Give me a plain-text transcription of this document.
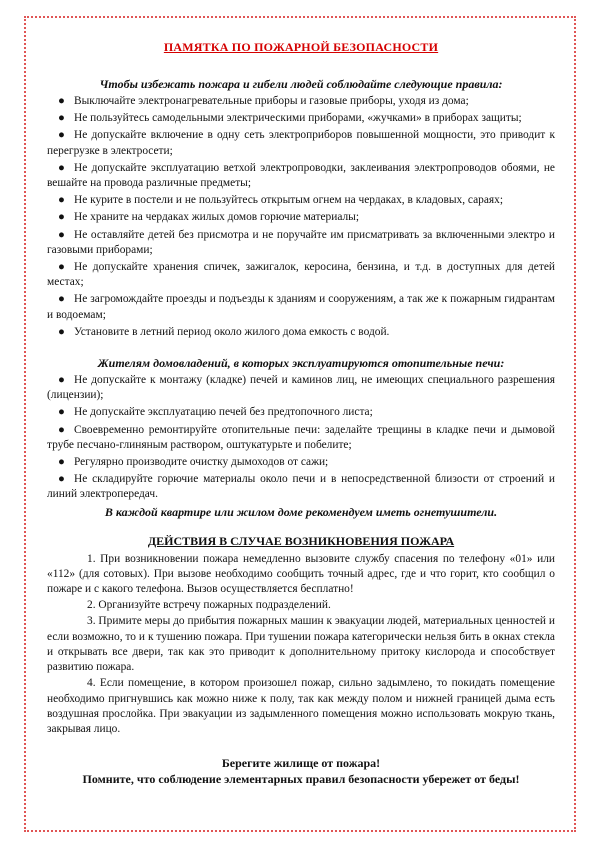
ПАМЯТКА ПО ПОЖАРНОЙ БЕЗОПАСНОСТИ
Чтобы избежать пожара и гибели людей соблюдайте следующие правила:
● Выключайте электронагревательные приборы и газовые приборы, уходя из дома;
● Не пользуйтесь самодельными электрическими приборами, «жучками» в приборах защиты;
● Не допускайте включение в одну сеть электроприборов повышенной мощности, это приводит к перегрузке в электросети;
● Не допускайте эксплуатацию ветхой электропроводки, заклеивания электропроводов обоями, не вешайте на провода различные предметы;
● Не курите в постели и не пользуйтесь открытым огнем на чердаках, в кладовых, сараях;
● Не храните на чердаках жилых домов горючие материалы;
● Не оставляйте детей без присмотра и не поручайте им присматривать за включенными электро и газовыми приборами;
● Не допускайте хранения спичек, зажигалок, керосина, бензина, и т.д. в доступных для детей местах;
● Не загромождайте проезды и подъезды к зданиям и сооружениям, а так же к пожарным гидрантам и водоемам;
● Установите в летний период около жилого дома емкость с водой.
Жителям домовладений, в которых эксплуатируются отопительные печи:
● Не допускайте к монтажу (кладке) печей и каминов лиц, не имеющих специального разрешения (лицензии);
● Не допускайте эксплуатацию печей без предтопочного листа;
● Своевременно ремонтируйте отопительные печи: заделайте трещины в кладке печи и дымовой трубе песчано-глиняным раствором, оштукатурьте и побелите;
● Регулярно производите очистку дымоходов от сажи;
● Не складируйте горючие материалы около печи и в непосредственной близости от строений и линий электропередач.
В каждой квартире или жилом доме рекомендуем иметь огнетушители.
ДЕЙСТВИЯ В СЛУЧАЕ ВОЗНИКНОВЕНИЯ ПОЖАРА

1. При возникновении пожара немедленно вызовите службу спасения по телефону «01» или «112» (для сотовых). При вызове необходимо сообщить точный адрес, где и что горит, кто сообщил о пожаре и с какого телефона. Вызов осуществляется бесплатно!

2. Организуйте встречу пожарных подразделений.

3. Примите меры до прибытия пожарных машин к эвакуации людей, материальных ценностей и если возможно, то и к тушению пожара. При тушении пожара категорически нельзя бить в окнах стекла и открывать все двери, так как это приводит к дополнительному притоку кислорода и способствует развитию пожара.

4. Если помещение, в котором произошел пожар, сильно задымлено, то покидать помещение необходимо пригнувшись как можно ниже к полу, так как между полом и нижней границей дыма есть воздушная прослойка. При эвакуации из задымленного помещения можно использовать мокрую ткань, закрывая лицо.

Берегите жилище от пожара!

Помните, что соблюдение элементарных правил безопасности убережет от беды!
